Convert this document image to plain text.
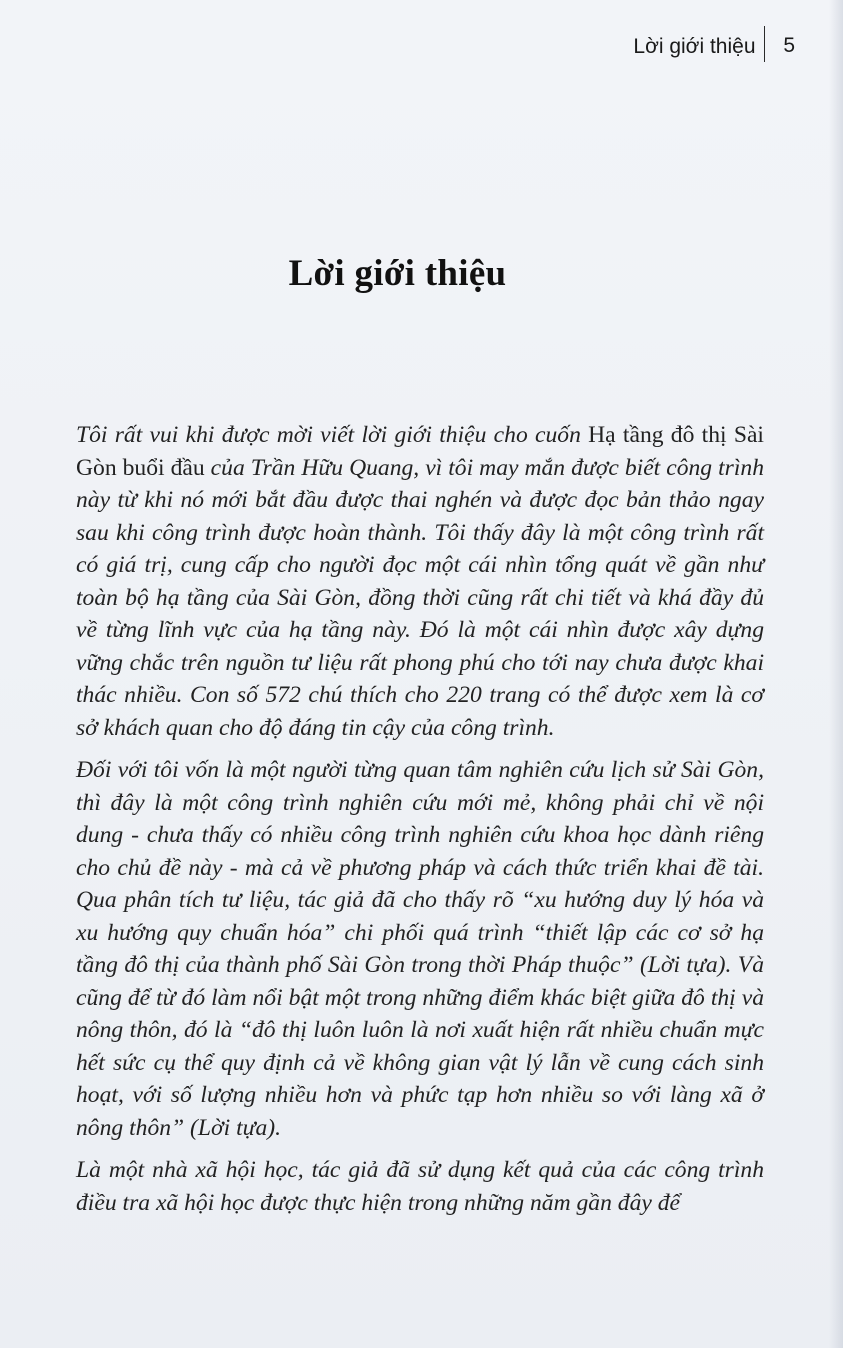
Lời giới thiệu	5
Lời giới thiệu

Tôi rất vui khi được mời viết lời giới thiệu cho cuốn Hạ tầng đô thị Sài Gòn buổi đầu của Trần Hữu Quang, vì tôi may mắn được biết công trình này từ khi nó mới bắt đầu được thai nghén và được đọc bản thảo ngay sau khi công trình được hoàn thành. Tôi thấy đây là một công trình rất có giá trị, cung cấp cho người đọc một cái nhìn tổng quát về gần như toàn bộ hạ tầng của Sài Gòn, đồng thời cũng rất chi tiết và khá đầy đủ về từng lĩnh vực của hạ tầng này. Đó là một cái nhìn được xây dựng vững chắc trên nguồn tư liệu rất phong phú cho tới nay chưa được khai thác nhiều. Con số 572 chú thích cho 220 trang có thể được xem là cơ sở khách quan cho độ đáng tin cậy của công trình.

Đối với tôi vốn là một người từng quan tâm nghiên cứu lịch sử Sài Gòn, thì đây là một công trình nghiên cứu mới mẻ, không phải chỉ về nội dung - chưa thấy có nhiều công trình nghiên cứu khoa học dành riêng cho chủ đề này - mà cả về phương pháp và cách thức triển khai đề tài. Qua phân tích tư liệu, tác giả đã cho thấy rõ “xu hướng duy lý hóa và xu hướng quy chuẩn hóa” chi phối quá trình “thiết lập các cơ sở hạ tầng đô thị của thành phố Sài Gòn trong thời Pháp thuộc” (Lời tựa). Và cũng để từ đó làm nổi bật một trong những điểm khác biệt giữa đô thị và nông thôn, đó là “đô thị luôn luôn là nơi xuất hiện rất nhiều chuẩn mực hết sức cụ thể quy định cả về không gian vật lý lẫn về cung cách sinh hoạt, với số lượng nhiều hơn và phức tạp hơn nhiều so với làng xã ở nông thôn” (Lời tựa).

Là một nhà xã hội học, tác giả đã sử dụng kết quả của các công trình điều tra xã hội học được thực hiện trong những năm gần đây để
